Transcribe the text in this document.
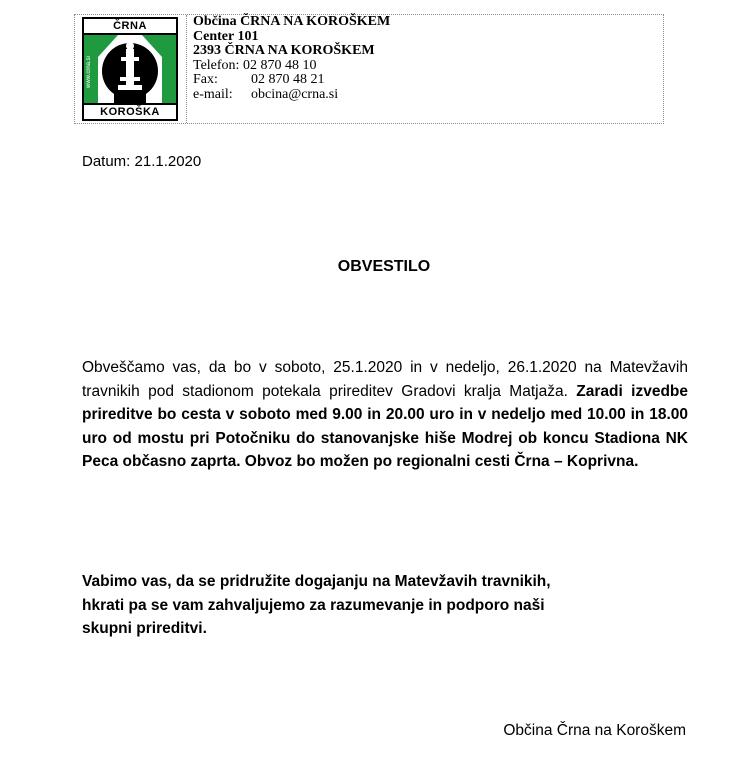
ČRNA
www.crna.si
KOROŠKA
Občina ČRNA NA KOROŠKEM
Center 101
2393 ČRNA NA KOROŠKEM
Telefon: 02 870 48 10
Fax: 02 870 48 21
e-mail: obcina@crna.si
Datum: 21.1.2020
OBVESTILO
Obveščamo vas, da bo v soboto, 25.1.2020 in v nedeljo, 26.1.2020 na Matevžavih travnikih pod stadionom potekala prireditev Gradovi kralja Matjaža. Zaradi izvedbe prireditve bo cesta v soboto med 9.00 in 20.00 uro in v nedeljo med 10.00 in 18.00 uro od mostu pri Potočniku do stanovanjske hiše Modrej ob koncu Stadiona NK Peca občasno zaprta. Obvoz bo možen po regionalni cesti Črna – Koprivna.
Vabimo vas, da se pridružite dogajanju na Matevžavih travnikih,
hkrati pa se vam zahvaljujemo za razumevanje in podporo naši
skupni prireditvi.
Občina Črna na Koroškem
